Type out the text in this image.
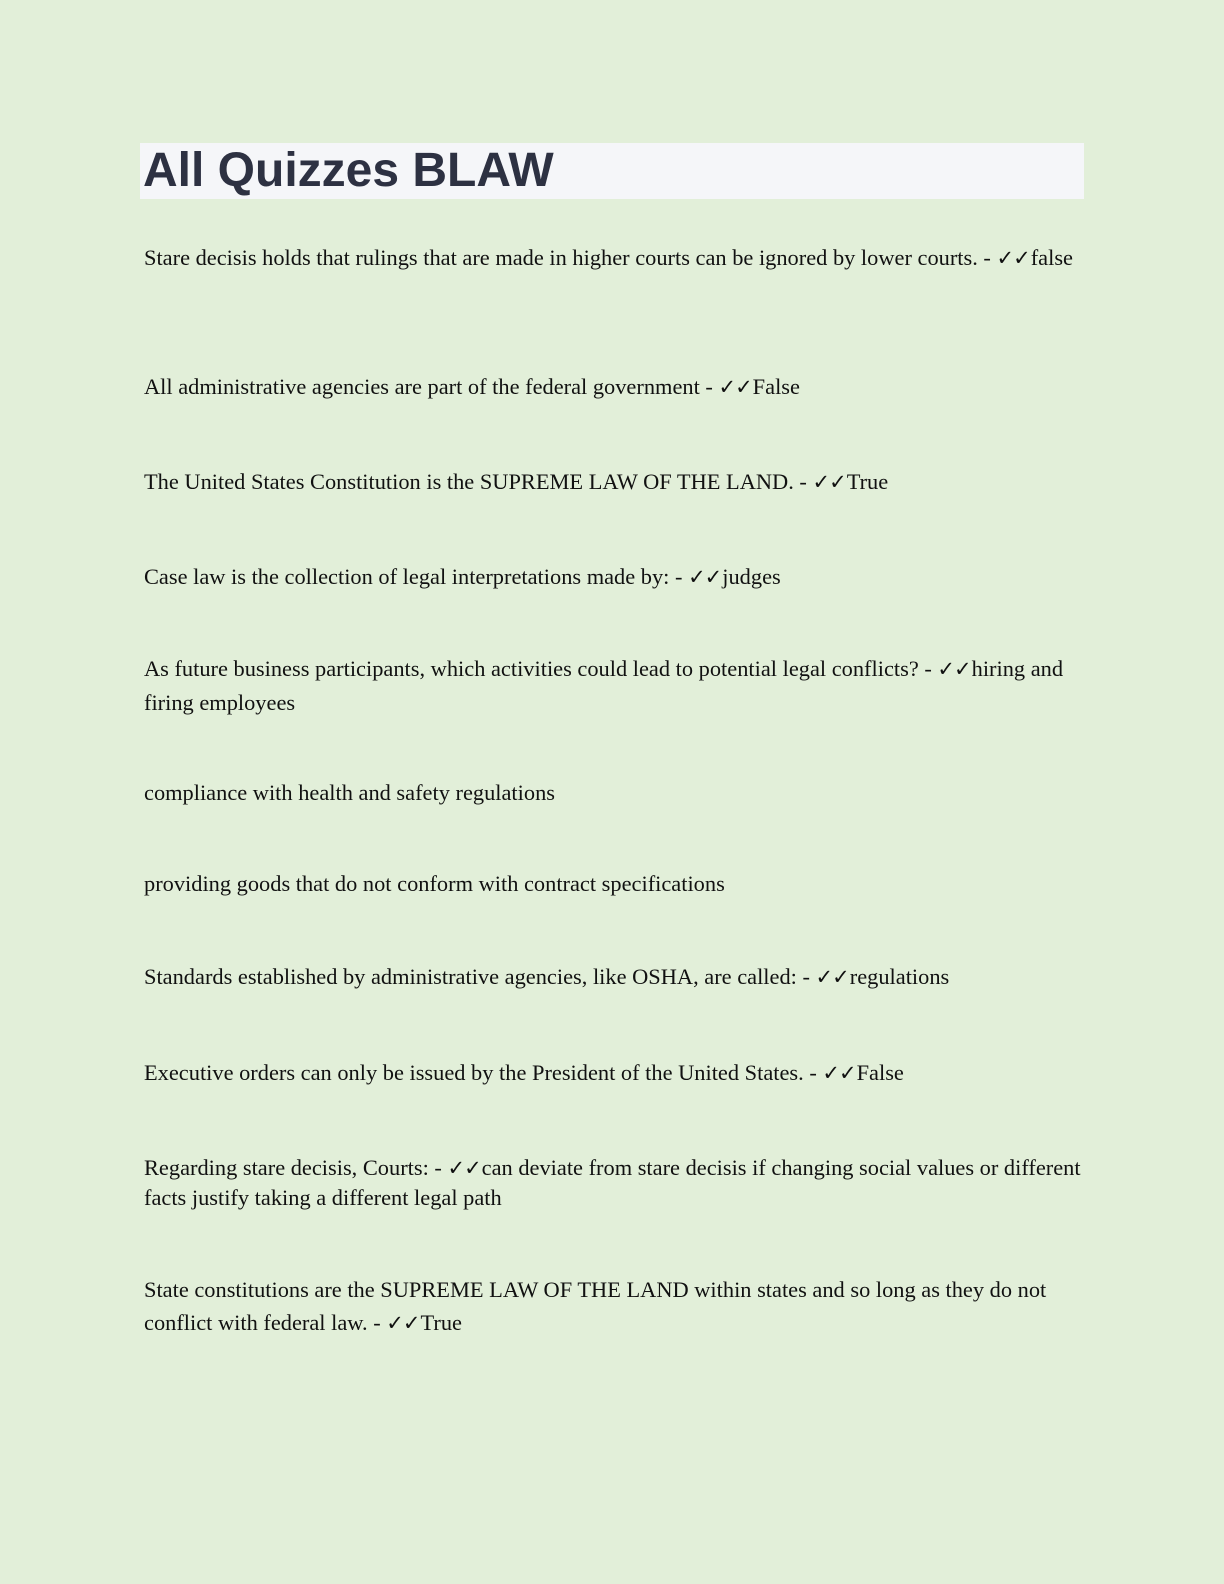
All Quizzes BLAW

Stare decisis holds that rulings that are made in higher courts can be ignored by lower courts. - ✓✓false

All administrative agencies are part of the federal government - ✓✓False

The United States Constitution is the SUPREME LAW OF THE LAND. - ✓✓True

Case law is the collection of legal interpretations made by: - ✓✓judges

As future business participants, which activities could lead to potential legal conflicts? - ✓✓hiring and firing employees

compliance with health and safety regulations

providing goods that do not conform with contract specifications

Standards established by administrative agencies, like OSHA, are called: - ✓✓regulations

Executive orders can only be issued by the President of the United States. - ✓✓False

Regarding stare decisis, Courts: - ✓✓can deviate from stare decisis if changing social values or different facts justify taking a different legal path

State constitutions are the SUPREME LAW OF THE LAND within states and so long as they do not conflict with federal law. - ✓✓True
